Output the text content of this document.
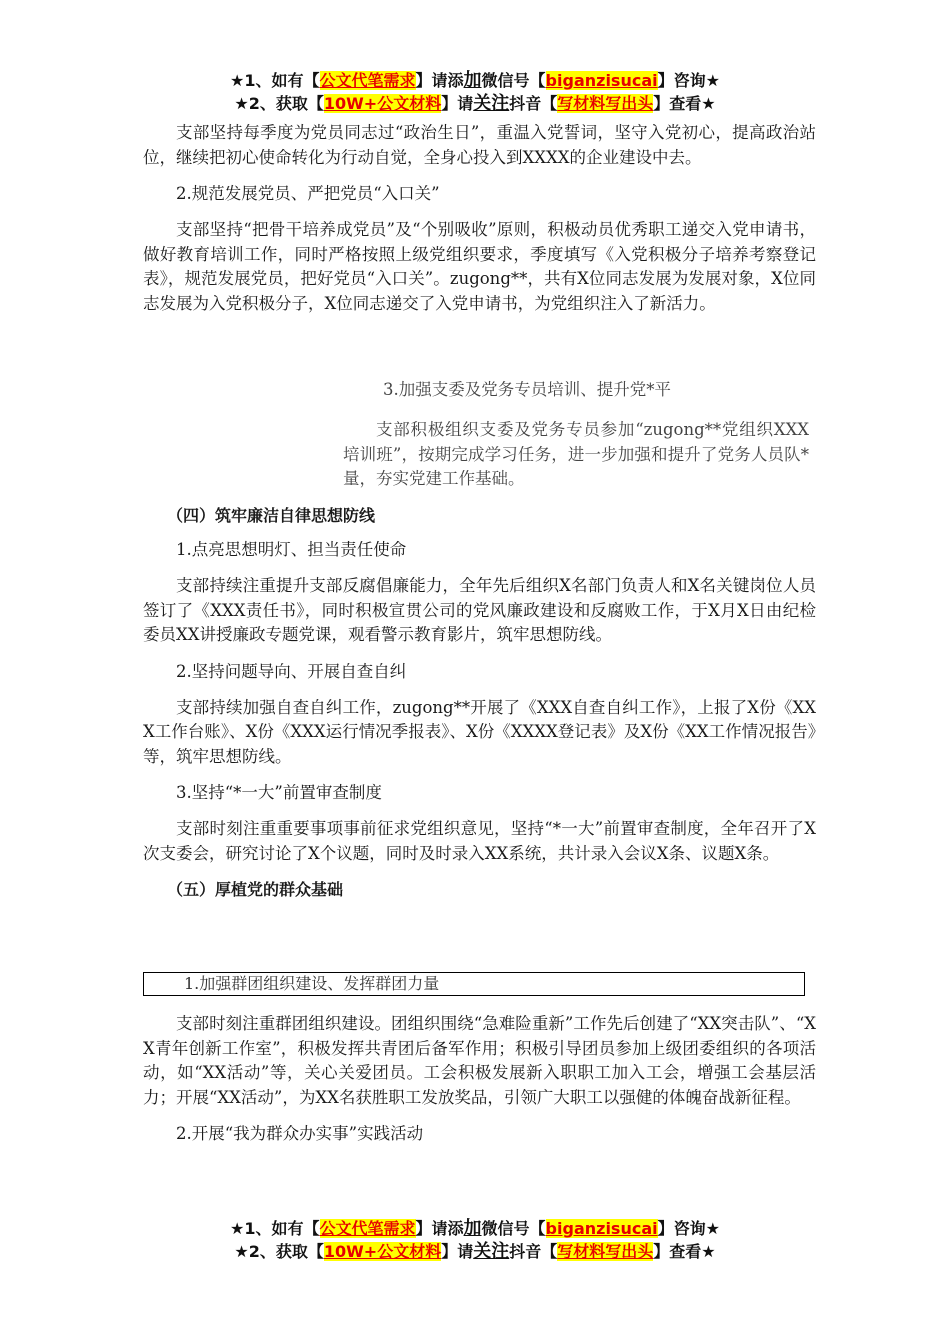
★1、如有【公文代笔需求】请添加微信号【biganzisucai】咨询★
★2、获取【10W+公文材料】请关注抖音【写材料写出头】查看★

支部坚持每季度为党员同志过“政治生日”，重温入党誓词，坚守入党初心，提高政治站位，继续把初心使命转化为行动自觉，全身心投入到XXXX的企业建设中去。

2.规范发展党员、严把党员“入口关”

支部坚持“把骨干培养成党员”及“个别吸收”原则，积极动员优秀职工递交入党申请书，做好教育培训工作，同时严格按照上级党组织要求，季度填写《入党积极分子培养考察登记表》，规范发展党员，把好党员“入口关”。zugong**，共有X位同志发展为发展对象，X位同志发展为入党积极分子，X位同志递交了入党申请书，为党组织注入了新活力。

3.加强支委及党务专员培训、提升党*平

支部积极组织支委及党务专员参加“zugong**党组织XXX培训班”，按期完成学习任务，进一步加强和提升了党务人员队*量，夯实党建工作基础。

（四）筑牢廉洁自律思想防线

1.点亮思想明灯、担当责任使命

支部持续注重提升支部反腐倡廉能力，全年先后组织X名部门负责人和X名关键岗位人员签订了《XXX责任书》，同时积极宣贯公司的党风廉政建设和反腐败工作，于X月X日由纪检委员XX讲授廉政专题党课，观看警示教育影片，筑牢思想防线。

2.坚持问题导向、开展自查自纠

支部持续加强自查自纠工作，zugong**开展了《XXX自查自纠工作》，上报了X份《XXX工作台账》、X份《XXX运行情况季报表》、X份《XXXX登记表》及X份《XX工作情况报告》等，筑牢思想防线。

3.坚持“*一大”前置审查制度

支部时刻注重重要事项事前征求党组织意见，坚持“*一大”前置审查制度，全年召开了X次支委会，研究讨论了X个议题，同时及时录入XX系统，共计录入会议X条、议题X条。

（五）厚植党的群众基础

1.加强群团组织建设、发挥群团力量

支部时刻注重群团组织建设。团组织围绕“急难险重新”工作先后创建了“XX突击队”、“XX青年创新工作室”，积极发挥共青团后备军作用；积极引导团员参加上级团委组织的各项活动，如“XX活动”等，关心关爱团员。工会积极发展新入职职工加入工会，增强工会基层活力；开展“XX活动”，为XX名获胜职工发放奖品，引领广大职工以强健的体魄奋战新征程。

2.开展“我为群众办实事”实践活动

★1、如有【公文代笔需求】请添加微信号【biganzisucai】咨询★
★2、获取【10W+公文材料】请关注抖音【写材料写出头】查看★
